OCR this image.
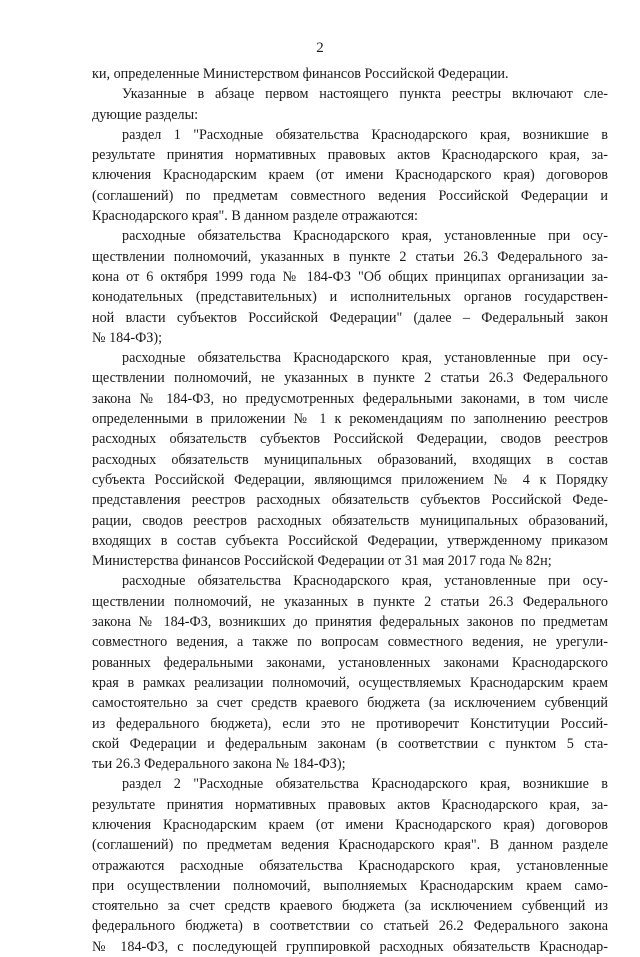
2
ки, определенные Министерством финансов Российской Федерации.
Указанные в абзаце первом настоящего пункта реестры включают сле-
дующие разделы:
раздел 1 "Расходные обязательства Краснодарского края, возникшие в
результате принятия нормативных правовых актов Краснодарского края, за-
ключения Краснодарским краем (от имени Краснодарского края) договоров
(соглашений) по предметам совместного ведения Российской Федерации и
Краснодарского края". В данном разделе отражаются:
расходные обязательства Краснодарского края, установленные при осу-
ществлении полномочий, указанных в пункте 2 статьи 26.3 Федерального за-
кона от 6 октября 1999 года № 184-ФЗ "Об общих принципах организации за-
конодательных (представительных) и исполнительных органов государствен-
ной власти субъектов Российской Федерации" (далее – Федеральный закон
№ 184-ФЗ);
расходные обязательства Краснодарского края, установленные при осу-
ществлении полномочий, не указанных в пункте 2 статьи 26.3 Федерального
закона № 184-ФЗ, но предусмотренных федеральными законами, в том числе
определенными в приложении № 1 к рекомендациям по заполнению реестров
расходных обязательств субъектов Российской Федерации, сводов реестров
расходных обязательств муниципальных образований, входящих в состав
субъекта Российской Федерации, являющимся приложением № 4 к Порядку
представления реестров расходных обязательств субъектов Российской Феде-
рации, сводов реестров расходных обязательств муниципальных образований,
входящих в состав субъекта Российской Федерации, утвержденному приказом
Министерства финансов Российской Федерации от 31 мая 2017 года № 82н;
расходные обязательства Краснодарского края, установленные при осу-
ществлении полномочий, не указанных в пункте 2 статьи 26.3 Федерального
закона № 184-ФЗ, возникших до принятия федеральных законов по предметам
совместного ведения, а также по вопросам совместного ведения, не урегули-
рованных федеральными законами, установленных законами Краснодарского
края в рамках реализации полномочий, осуществляемых Краснодарским краем
самостоятельно за счет средств краевого бюджета (за исключением субвенций
из федерального бюджета), если это не противоречит Конституции Россий-
ской Федерации и федеральным законам (в соответствии с пунктом 5 ста-
тьи 26.3 Федерального закона № 184-ФЗ);
раздел 2 "Расходные обязательства Краснодарского края, возникшие в
результате принятия нормативных правовых актов Краснодарского края, за-
ключения Краснодарским краем (от имени Краснодарского края) договоров
(соглашений) по предметам ведения Краснодарского края". В данном разделе
отражаются расходные обязательства Краснодарского края, установленные
при осуществлении полномочий, выполняемых Краснодарским краем само-
стоятельно за счет средств краевого бюджета (за исключением субвенций из
федерального бюджета) в соответствии со статьей 26.2 Федерального закона
№ 184-ФЗ, с последующей группировкой расходных обязательств Краснодар-
